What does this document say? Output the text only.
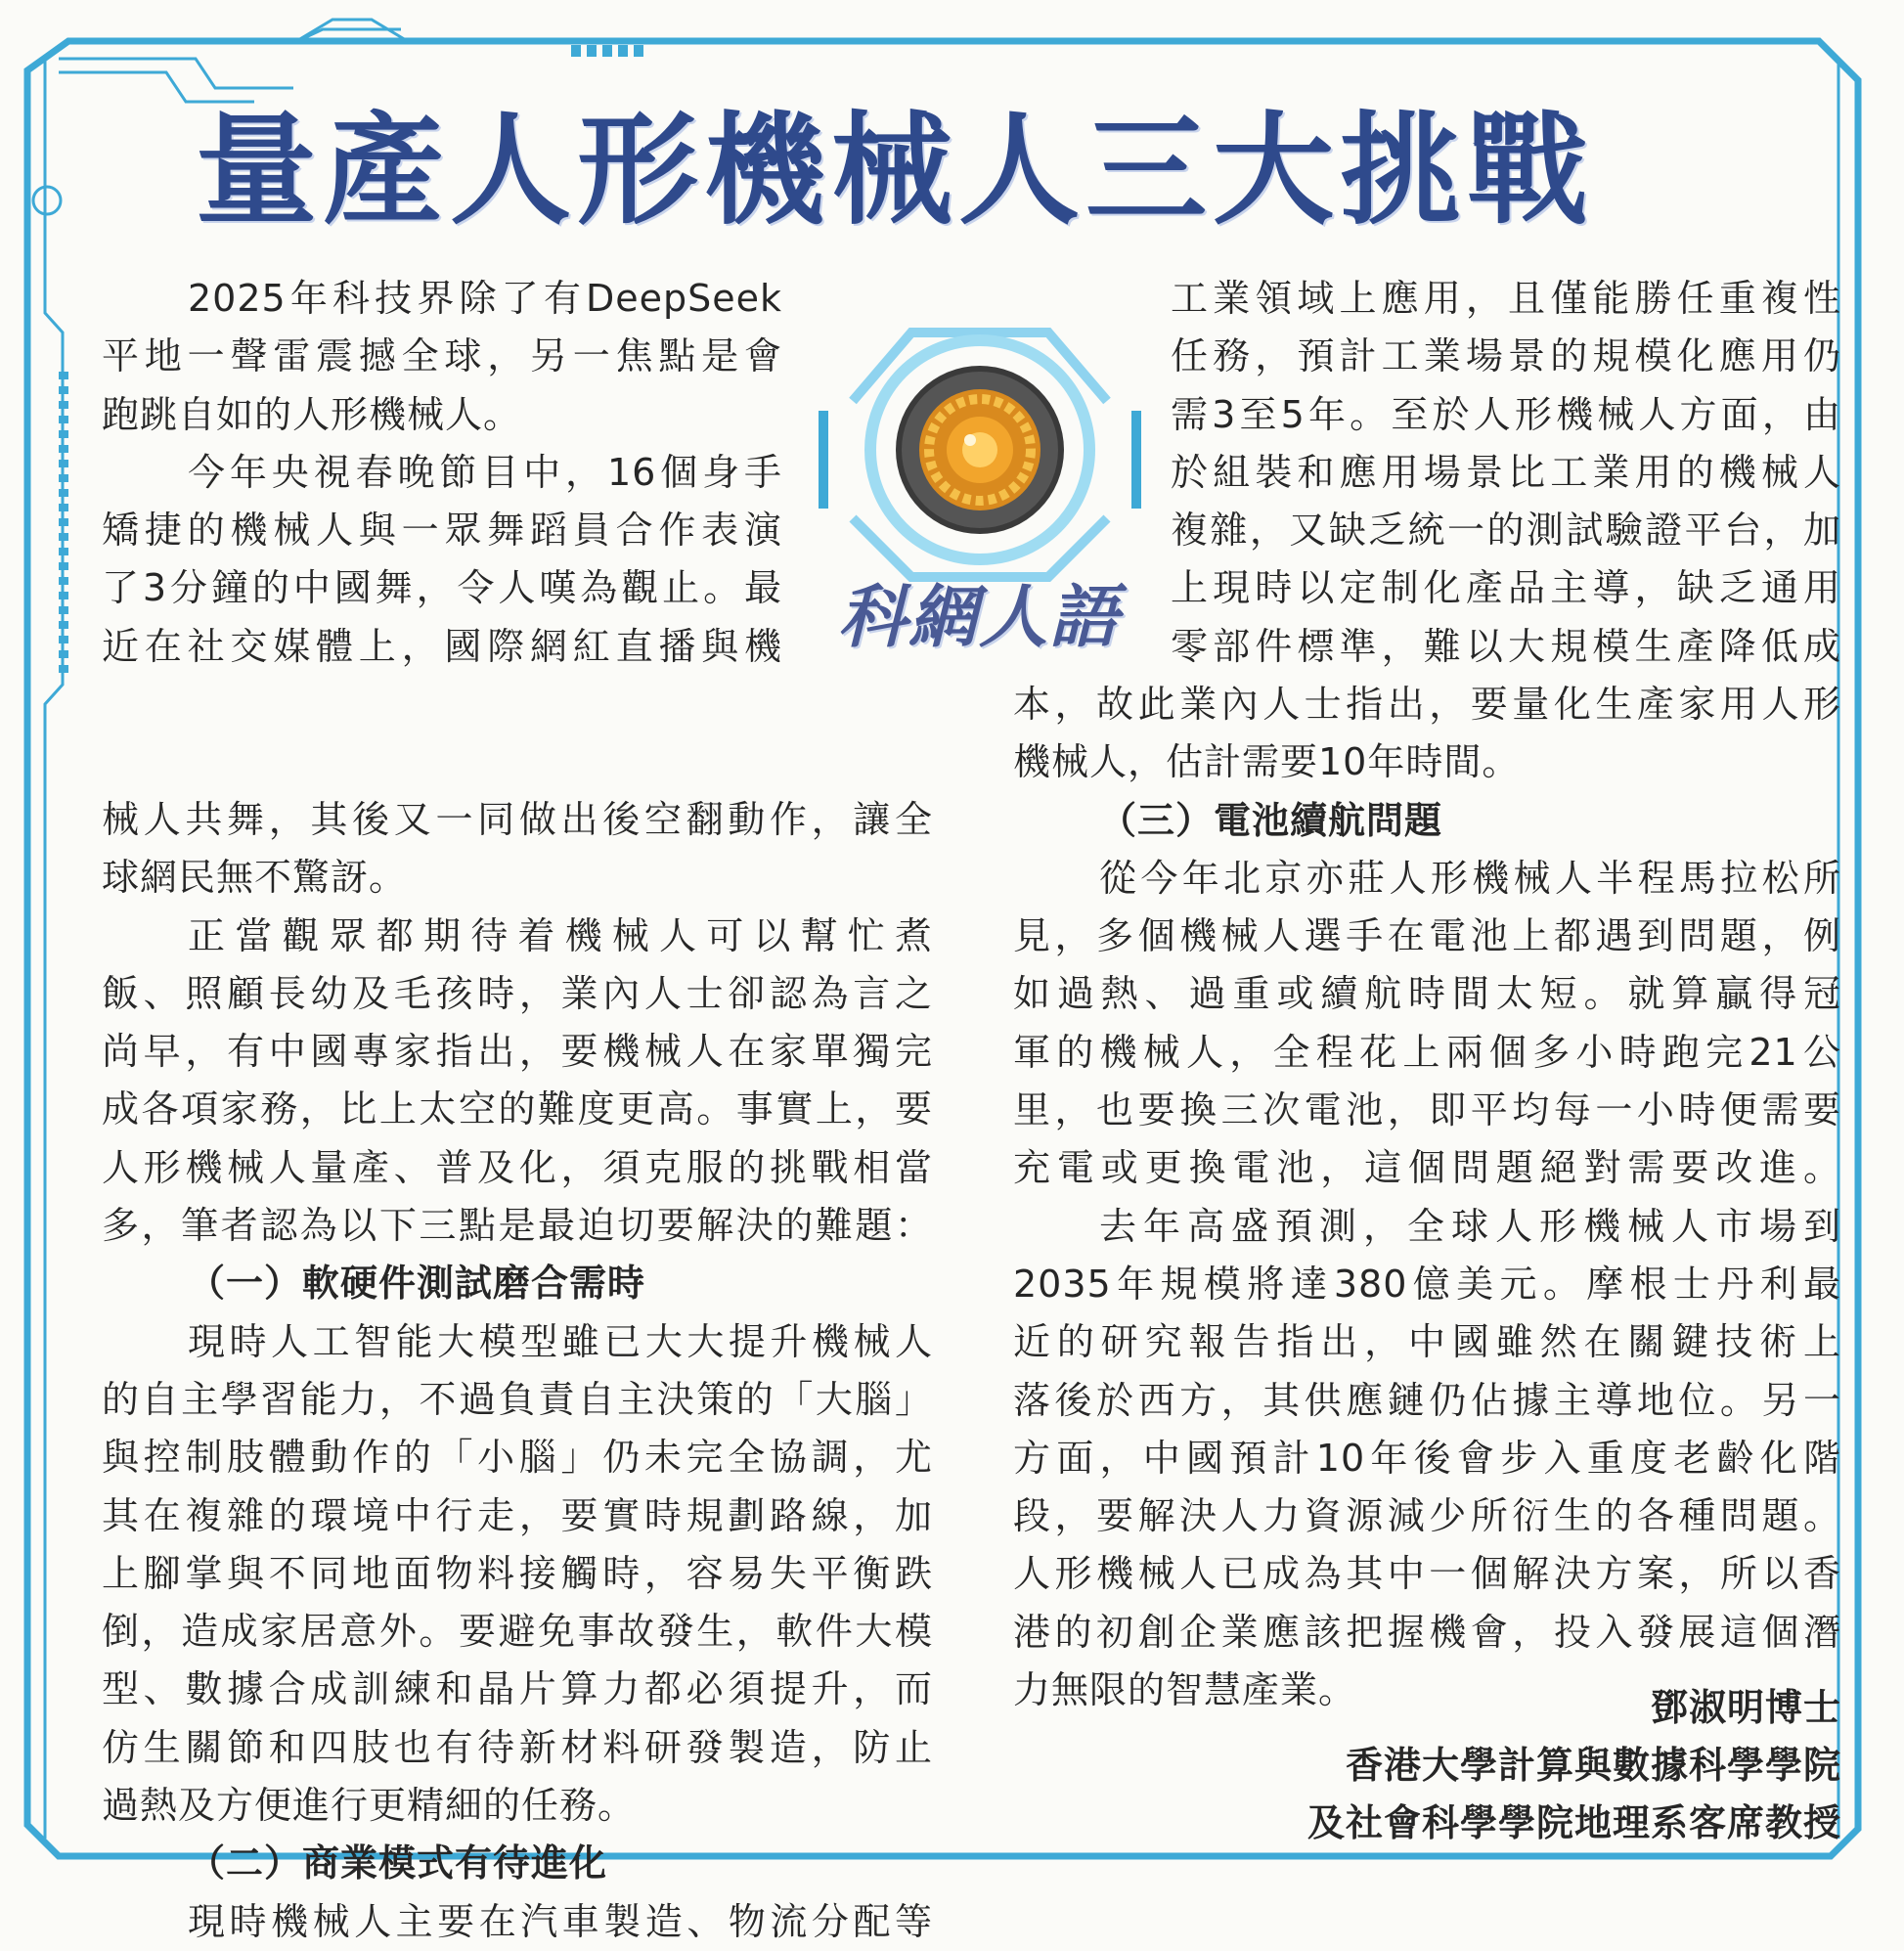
量產人形機械人三大挑戰
科網人語

2025年科技界除了有DeepSeek

平地一聲雷震撼全球，另一焦點是會

跑跳自如的人形機械人。

今年央視春晚節目中，16個身手

矯捷的機械人與一眾舞蹈員合作表演

了3分鐘的中國舞，令人嘆為觀止。最

近在社交媒體上，國際網紅直播與機

械人共舞，其後又一同做出後空翻動作，讓全

球網民無不驚訝。

正當觀眾都期待着機械人可以幫忙煮

飯、照顧長幼及毛孩時，業內人士卻認為言之

尚早，有中國專家指出，要機械人在家單獨完

成各項家務，比上太空的難度更高。事實上，要

人形機械人量產、普及化，須克服的挑戰相當

多，筆者認為以下三點是最迫切要解決的難題：

（一）軟硬件測試磨合需時

現時人工智能大模型雖已大大提升機械人

的自主學習能力，不過負責自主決策的「大腦」

與控制肢體動作的「小腦」仍未完全協調，尤

其在複雜的環境中行走，要實時規劃路線，加

上腳掌與不同地面物料接觸時，容易失平衡跌

倒，造成家居意外。要避免事故發生，軟件大模

型、數據合成訓練和晶片算力都必須提升，而

仿生關節和四肢也有待新材料研發製造，防止

過熱及方便進行更精細的任務。

（二）商業模式有待進化

現時機械人主要在汽車製造、物流分配等

工業領域上應用，且僅能勝任重複性

任務，預計工業場景的規模化應用仍

需3至5年。至於人形機械人方面，由

於組裝和應用場景比工業用的機械人

複雜，又缺乏統一的測試驗證平台，加

上現時以定制化產品主導，缺乏通用

零部件標準，難以大規模生產降低成

本，故此業內人士指出，要量化生產家用人形

機械人，估計需要10年時間。

（三）電池續航問題

從今年北京亦莊人形機械人半程馬拉松所

見，多個機械人選手在電池上都遇到問題，例

如過熱、過重或續航時間太短。就算贏得冠

軍的機械人，全程花上兩個多小時跑完21公

里，也要換三次電池，即平均每一小時便需要

充電或更換電池，這個問題絕對需要改進。

去年高盛預測，全球人形機械人市場到

2035年規模將達380億美元。摩根士丹利最

近的研究報告指出，中國雖然在關鍵技術上

落後於西方，其供應鏈仍佔據主導地位。另一

方面，中國預計10年後會步入重度老齡化階

段，要解決人力資源減少所衍生的各種問題。

人形機械人已成為其中一個解決方案，所以香

港的初創企業應該把握機會，投入發展這個潛

力無限的智慧產業。	鄧淑明博士
香港大學計算與數據科學學院
及社會科學學院地理系客席教授
